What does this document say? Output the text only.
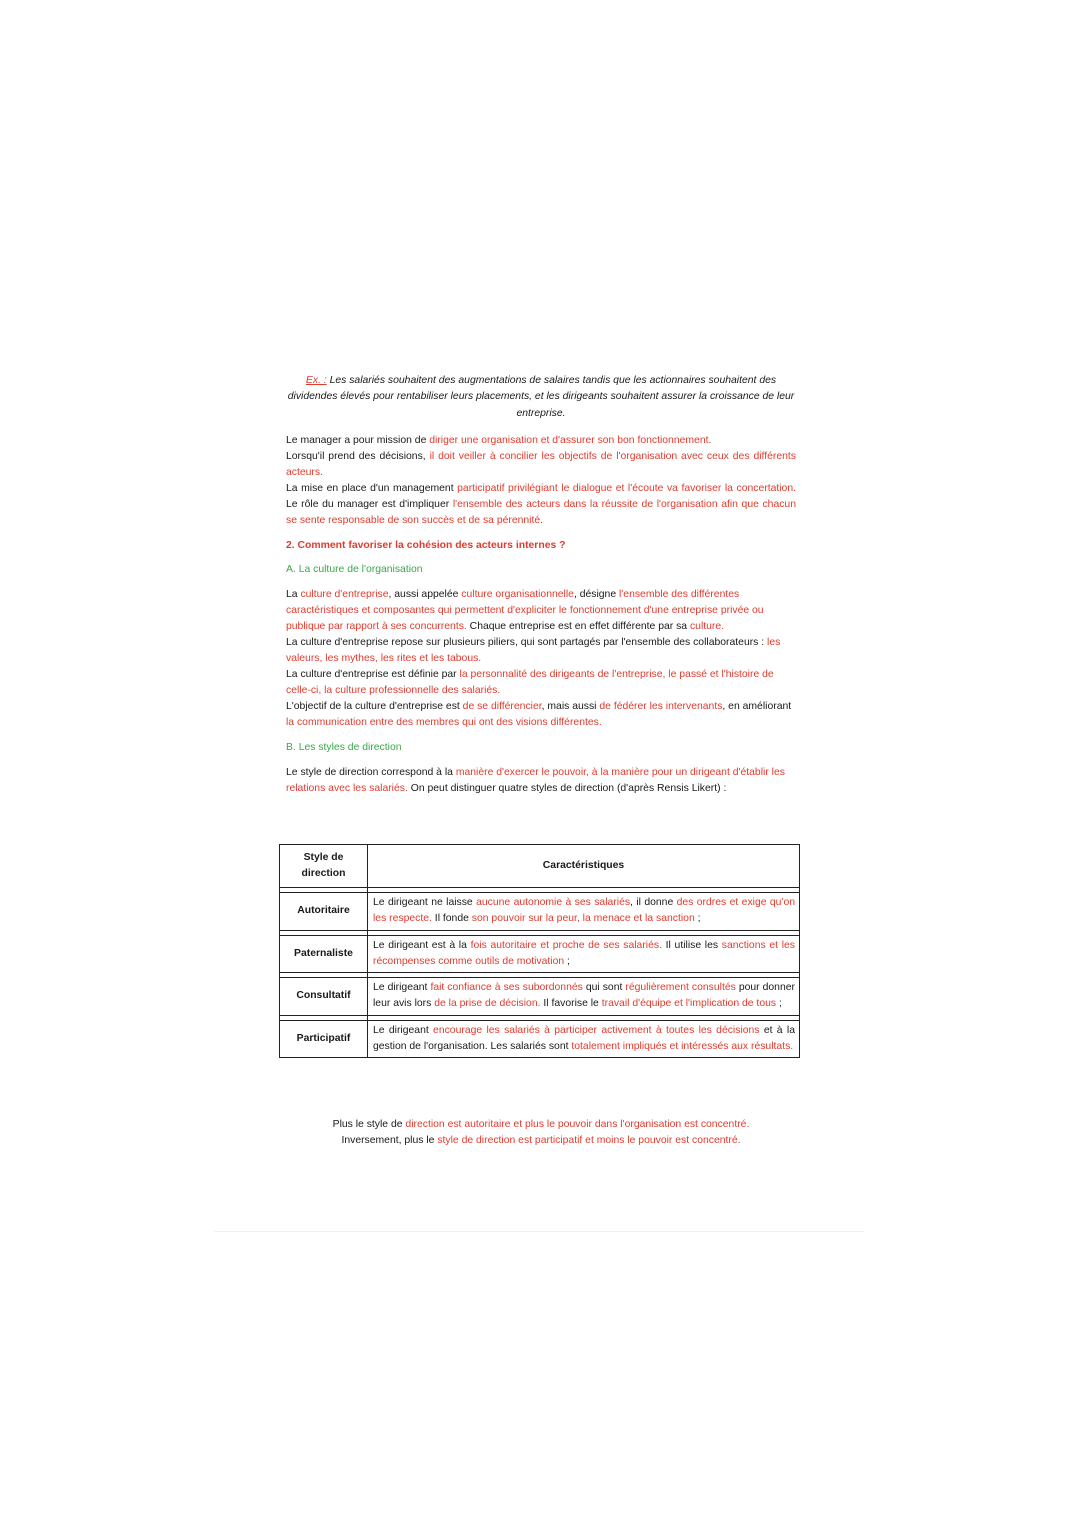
Ex. : Les salariés souhaitent des augmentations de salaires tandis que les actionnaires souhaitent des dividendes élevés pour rentabiliser leurs placements, et les dirigeants souhaitent assurer la croissance de leur entreprise.

Le manager a pour mission de diriger une organisation et d'assurer son bon fonctionnement.

Lorsqu'il prend des décisions, il doit veiller à concilier les objectifs de l'organisation avec ceux des différents acteurs.

La mise en place d'un management participatif privilégiant le dialogue et l'écoute va favoriser la concertation. Le rôle du manager est d'impliquer l'ensemble des acteurs dans la réussite de l'organisation afin que chacun se sente responsable de son succès et de sa pérennité.

2. Comment favoriser la cohésion des acteurs internes ?

A. La culture de l'organisation

La culture d'entreprise, aussi appelée culture organisationnelle, désigne l'ensemble des différentes caractéristiques et composantes qui permettent d'expliciter le fonctionnement d'une entreprise privée ou publique par rapport à ses concurrents. Chaque entreprise est en effet différente par sa culture.

La culture d'entreprise repose sur plusieurs piliers, qui sont partagés par l'ensemble des collaborateurs : les valeurs, les mythes, les rites et les tabous.

La culture d'entreprise est définie par la personnalité des dirigeants de l'entreprise, le passé et l'histoire de celle-ci, la culture professionnelle des salariés.

L'objectif de la culture d'entreprise est de se différencier, mais aussi de fédérer les intervenants, en améliorant la communication entre des membres qui ont des visions différentes.

B. Les styles de direction

Le style de direction correspond à la manière d'exercer le pouvoir, à la manière pour un dirigeant d'établir les relations avec les salariés. On peut distinguer quatre styles de direction (d'après Rensis Likert) :

Style de direction	Caractéristiques

Autoritaire	Le dirigeant ne laisse aucune autonomie à ses salariés, il donne des ordres et exige qu'on les respecte. Il fonde son pouvoir sur la peur, la menace et la sanction ;

Paternaliste	Le dirigeant est à la fois autoritaire et proche de ses salariés. Il utilise les sanctions et les récompenses comme outils de motivation ;

Consultatif	Le dirigeant fait confiance à ses subordonnés qui sont régulièrement consultés pour donner leur avis lors de la prise de décision. Il favorise le travail d'équipe et l'implication de tous ;

Participatif	Le dirigeant encourage les salariés à participer activement à toutes les décisions et à la gestion de l'organisation. Les salariés sont totalement impliqués et intéressés aux résultats.

Plus le style de direction est autoritaire et plus le pouvoir dans l'organisation est concentré.

Inversement, plus le style de direction est participatif et moins le pouvoir est concentré.
